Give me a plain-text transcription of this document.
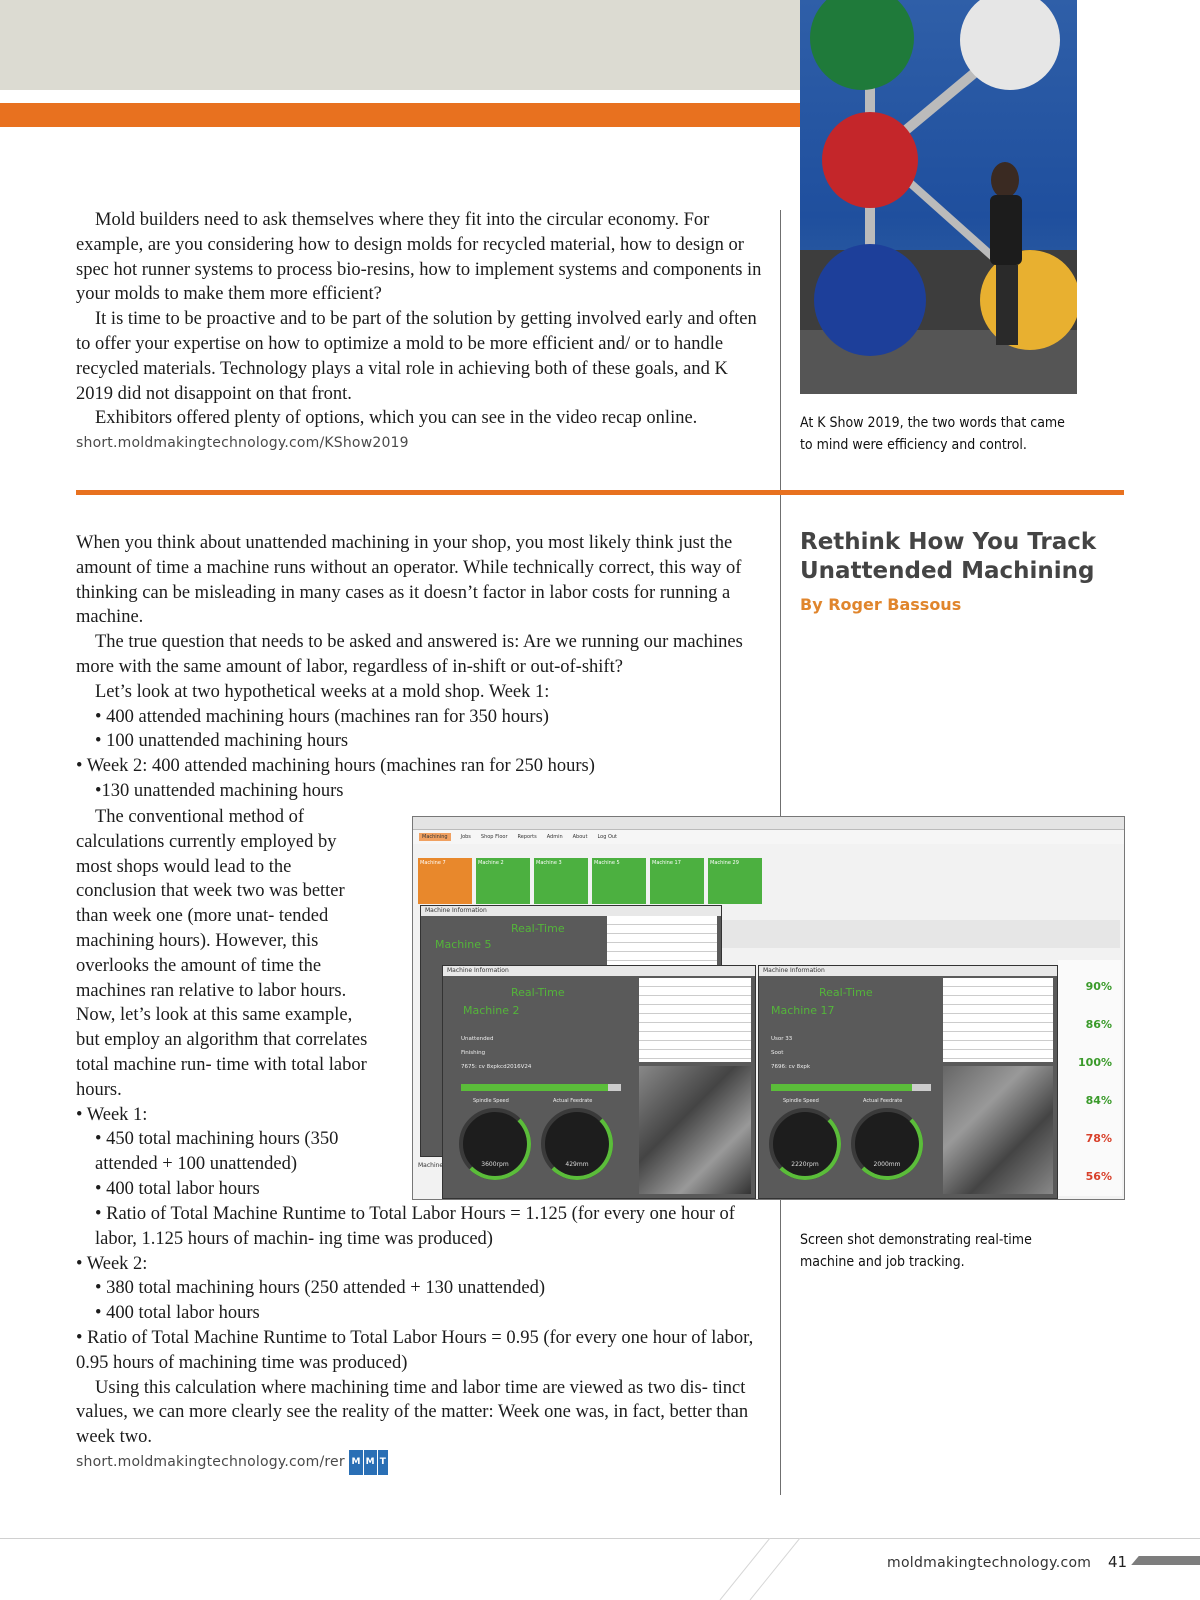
At K Show 2019, the two words that came to mind were efficiency and control.

Mold builders need to ask themselves where they fit into the circular economy. For example, are you considering how to design molds for recycled material, how to design or spec hot runner systems to process bio-resins, how to implement systems and components in your molds to make them more efficient?

It is time to be proactive and to be part of the solution by getting involved early and often to offer your expertise on how to optimize a mold to be more efficient and/ or to handle recycled materials. Technology plays a vital role in achieving both of these goals, and K 2019 did not disappoint on that front.

Exhibitors offered plenty of options, which you can see in the video recap online.

short.moldmakingtechnology.com/KShow2019

Rethink How You Track Unattended Machining
By Roger Bassous

When you think about unattended machining in your shop, you most likely think just the amount of time a machine runs without an operator. While technically correct, this way of thinking can be misleading in many cases as it doesn’t factor in labor costs for running a machine.

The true question that needs to be asked and answered is: Are we running our machines more with the same amount of labor, regardless of in-shift or out-of-shift?

Let’s look at two hypothetical weeks at a mold shop. Week 1:

• 400 attended machining hours (machines ran for 350 hours)

• 100 unattended machining hours

• Week 2: 400 attended machining hours (machines ran for 250 hours)

•130 unattended machining hours

The conventional method of calculations currently employed by most shops would lead to the conclusion that week two was better than week one (more unat- tended machining hours). However, this overlooks the amount of time the machines ran relative to labor hours. Now, let’s look at this same example, but employ an algorithm that correlates total machine run- time with total labor hours.

• Week 1:

• 450 total machining hours (350 attended + 100 unattended)

• 400 total labor hours

• Ratio of Total Machine Runtime to Total Labor Hours = 1.125 (for every one hour of labor, 1.125 hours of machin- ing time was produced)

• Week 2:

• 380 total machining hours (250 attended + 130 unattended)

• 400 total labor hours

• Ratio of Total Machine Runtime to Total Labor Hours = 0.95 (for every one hour of labor, 0.95 hours of machining time was produced)

Using this calculation where machining time and labor time are viewed as two dis- tinct values, we can more clearly see the reality of the matter: Week one was, in fact, better than week two.

short.moldmakingtechnology.com/rer M M T

Machining	Jobs Shop Floor Reports Admin About Log Out
Machine 7	Machine 2	Machine 3	Machine 5	Machine 17	Machine 29
Machine Information
Real-Time
Machine 5
Machine Information
Real-Time
Machine 2
Unattended
Finishing
7675: cv 8xpkcd2016V24
Spindle Speed	Actual Feedrate
3600rpm	429mm
Machine Information
Real-Time
Machine 17
Usor 33
Soot
7696: cv 8xpk
Spindle Speed	Actual Feedrate
2220rpm	2000mm
90%
86%
100%
84%
78%
56%
Machine
Screen shot demonstrating real-time machine and job tracking.
moldmakingtechnology.com 41
